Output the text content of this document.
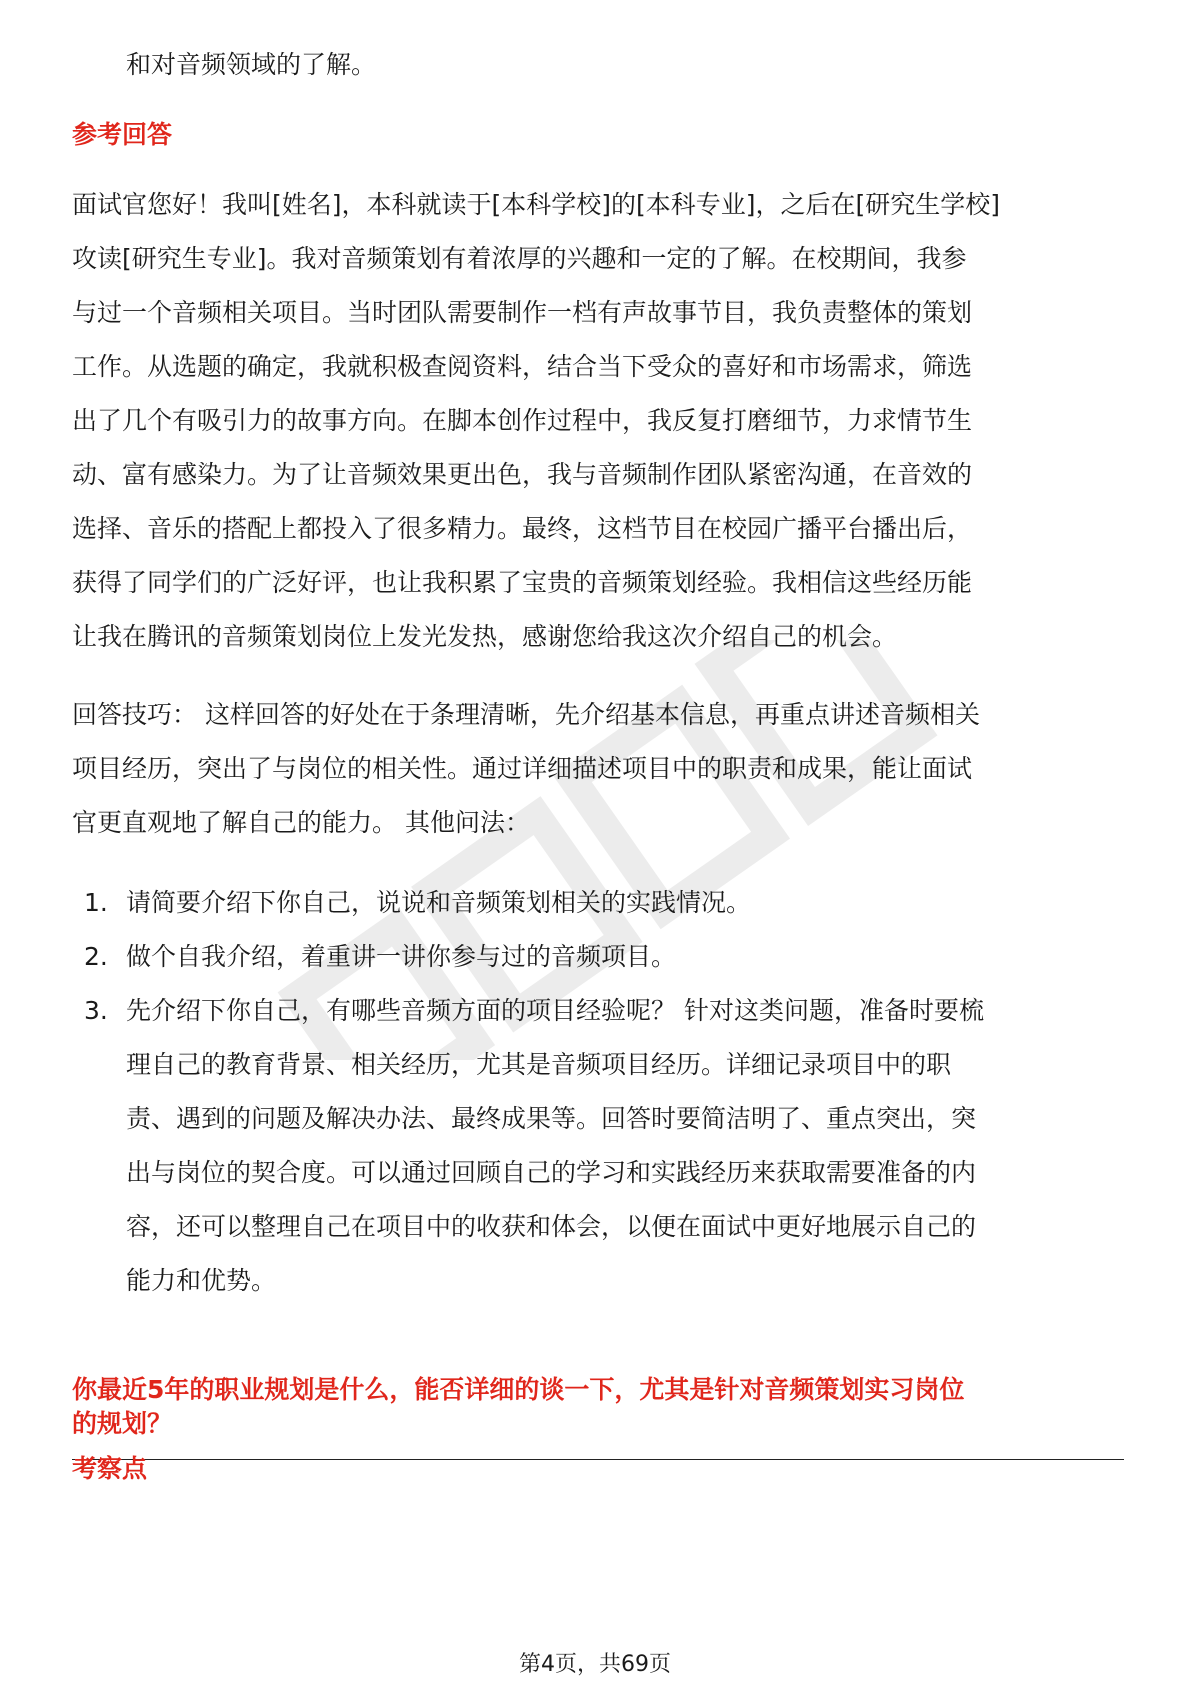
和对音频领域的了解。

参考回答

面试官您好！我叫[姓名]，本科就读于[本科学校]的[本科专业]，之后在[研究生学校]

攻读[研究生专业]。我对音频策划有着浓厚的兴趣和一定的了解。在校期间，我参

与过一个音频相关项目。当时团队需要制作一档有声故事节目，我负责整体的策划

工作。从选题的确定，我就积极查阅资料，结合当下受众的喜好和市场需求，筛选

出了几个有吸引力的故事方向。在脚本创作过程中，我反复打磨细节，力求情节生

动、富有感染力。为了让音频效果更出色，我与音频制作团队紧密沟通，在音效的

选择、音乐的搭配上都投入了很多精力。最终，这档节目在校园广播平台播出后，

获得了同学们的广泛好评，也让我积累了宝贵的音频策划经验。我相信这些经历能

让我在腾讯的音频策划岗位上发光发热，感谢您给我这次介绍自己的机会。

回答技巧： 这样回答的好处在于条理清晰，先介绍基本信息，再重点讲述音频相关

项目经历，突出了与岗位的相关性。通过详细描述项目中的职责和成果，能让面试

官更直观地了解自己的能力。 其他问法：

1. 请简要介绍下你自己，说说和音频策划相关的实践情况。

2. 做个自我介绍，着重讲一讲你参与过的音频项目。

3. 先介绍下你自己，有哪些音频方面的项目经验呢？ 针对这类问题，准备时要梳

理自己的教育背景、相关经历，尤其是音频项目经历。详细记录项目中的职

责、遇到的问题及解决办法、最终成果等。回答时要简洁明了、重点突出，突

出与岗位的契合度。可以通过回顾自己的学习和实践经历来获取需要准备的内

容，还可以整理自己在项目中的收获和体会，以便在面试中更好地展示自己的

能力和优势。

你最近5年的职业规划是什么，能否详细的谈一下，尤其是针对音频策划实习岗位

的规划？

考察点

第4页，共69页
